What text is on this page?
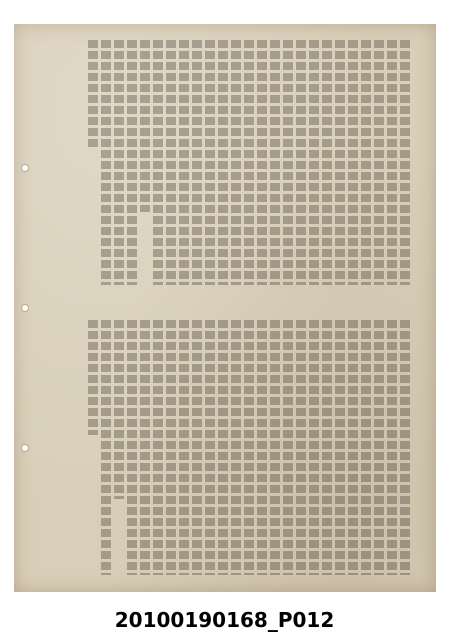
20100190168_P012
